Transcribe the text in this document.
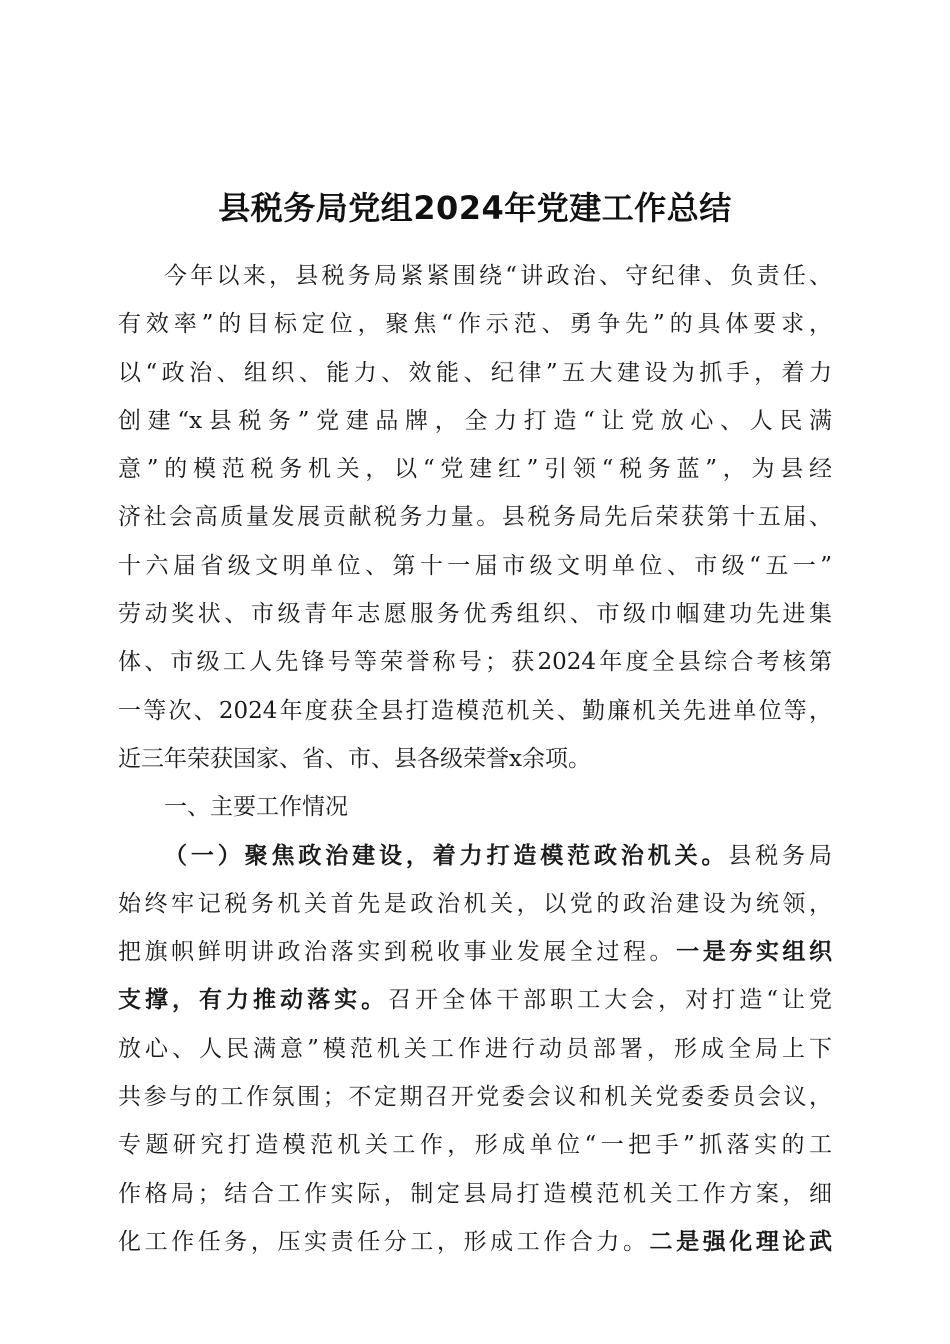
县税务局党组2024年党建工作总结
今年以来，县税务局紧紧围绕“讲政治、守纪律、负责任、
有效率”的目标定位，聚焦“作示范、勇争先”的具体要求，
以“政治、组织、能力、效能、纪律”五大建设为抓手，着力
创建“x县税务”党建品牌，全力打造“让党放心、人民满
意”的模范税务机关，以“党建红”引领“税务蓝”，为县经
济社会高质量发展贡献税务力量。县税务局先后荣获第十五届、
十六届省级文明单位、第十一届市级文明单位、市级“五一”
劳动奖状、市级青年志愿服务优秀组织、市级巾帼建功先进集
体、市级工人先锋号等荣誉称号；获2024年度全县综合考核第
一等次、2024年度获全县打造模范机关、勤廉机关先进单位等，
近三年荣获国家、省、市、县各级荣誉x余项。
一、主要工作情况
（一）聚焦政治建设，着力打造模范政治机关。县税务局
始终牢记税务机关首先是政治机关，以党的政治建设为统领，
把旗帜鲜明讲政治落实到税收事业发展全过程。一是夯实组织
支撑，有力推动落实。召开全体干部职工大会，对打造“让党
放心、人民满意”模范机关工作进行动员部署，形成全局上下
共参与的工作氛围；不定期召开党委会议和机关党委委员会议，
专题研究打造模范机关工作，形成单位“一把手”抓落实的工
作格局；结合工作实际，制定县局打造模范机关工作方案，细
化工作任务，压实责任分工，形成工作合力。二是强化理论武
